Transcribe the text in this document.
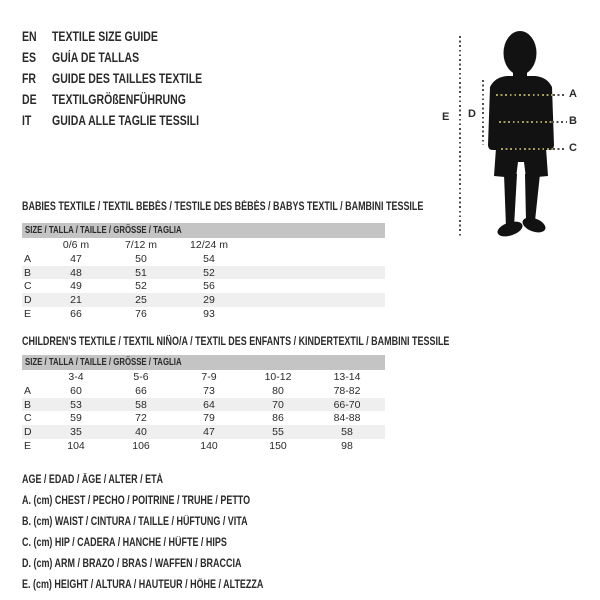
EN TEXTILE SIZE GUIDE
ES GUÍA DE TALLAS
FR GUIDE DES TAILLES TEXTILE
DE TEXTILGRÖßENFÜHRUNG
IT GUIDA ALLE TAGLIE TESSILI
A
B
C
D
E
BABIES TEXTILE / TEXTIL BEBÉS / TESTILE DES BÉBÉS / BABYS TEXTIL / BAMBINI TESSILE
SIZE / TALLA / TAILLE / GRÖSSE / TAGLIA				
	0/6 m	7/12 m	12/24 m	
A	47	50	54	
B	48	51	52	
C	49	52	56	
D	21	25	29	
E	66	76	93	
CHILDREN'S TEXTILE / TEXTIL NIÑO/A / TEXTIL DES ENFANTS / KINDERTEXTIL / BAMBINI TESSILE
SIZE / TALLA / TAILLE / GRÖSSE / TAGLIA						
	3-4	5-6	7-9	10-12	13-14	
A	60	66	73	80	78-82	
B	53	58	64	70	66-70	
C	59	72	79	86	84-88	
D	35	40	47	55	58	
E	104	106	140	150	98	
AGE / EDAD / ÂGE / ALTER / ETÀ
A. (cm) CHEST / PECHO / POITRINE / TRUHE / PETTO
B. (cm) WAIST / CINTURA / TAILLE / HÜFTUNG / VITA
C. (cm) HIP / CADERA / HANCHE / HÜFTE / HIPS
D. (cm) ARM / BRAZO / BRAS / WAFFEN / BRACCIA
E. (cm) HEIGHT / ALTURA / HAUTEUR / HÖHE / ALTEZZA
